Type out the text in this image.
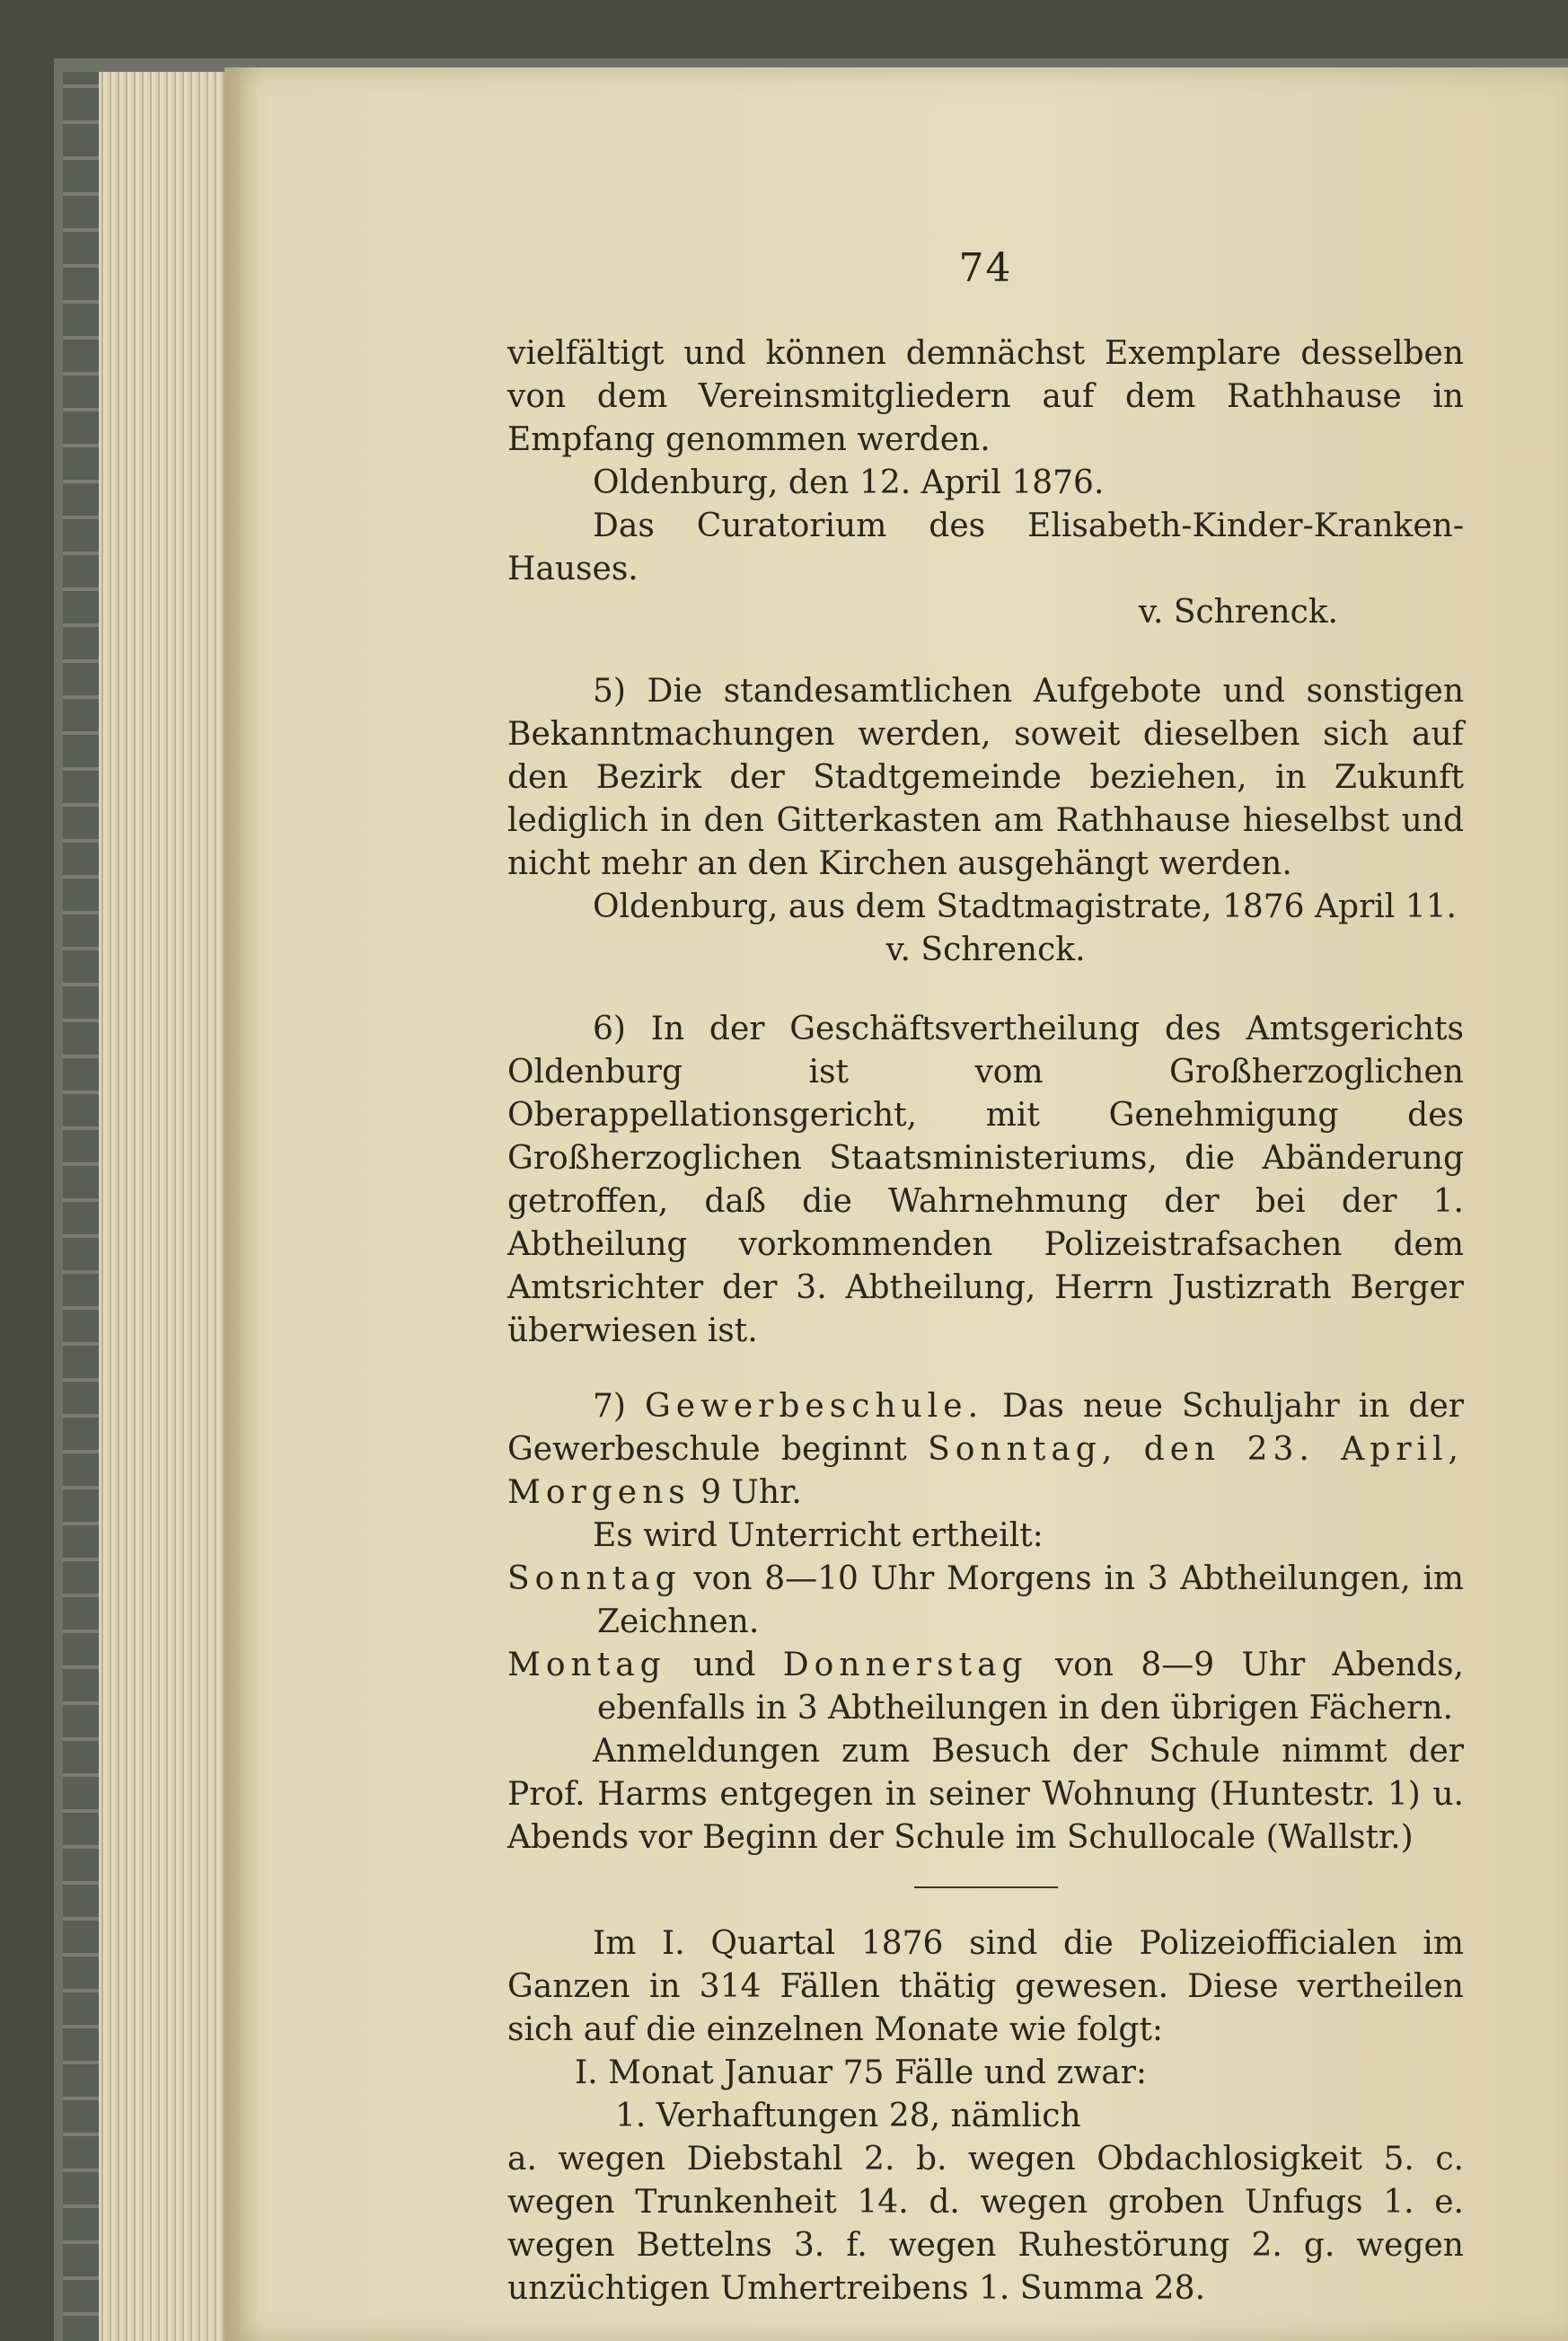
74

vielfältigt und können demnächst Exemplare desselben von dem Vereinsmitgliedern auf dem Rathhause in Empfang genommen werden.

Oldenburg, den 12. April 1876.

Das Curatorium des Elisabeth-Kinder-Kranken-Hauses.

v. Schrenck.

5) Die standesamtlichen Aufgebote und sonstigen Bekanntmachungen werden, soweit dieselben sich auf den Bezirk der Stadtgemeinde beziehen, in Zukunft lediglich in den Gitterkasten am Rathhause hieselbst und nicht mehr an den Kirchen ausgehängt werden.

Oldenburg, aus dem Stadtmagistrate, 1876 April 11.

v. Schrenck.

6) In der Geschäftsvertheilung des Amtsgerichts Oldenburg ist vom Großherzoglichen Oberappellationsgericht, mit Genehmigung des Großherzoglichen Staatsministeriums, die Abänderung getroffen, daß die Wahrnehmung der bei der 1. Abtheilung vorkommenden Polizeistrafsachen dem Amtsrichter der 3. Abtheilung, Herrn Justizrath Berger überwiesen ist.

7) Gewerbeschule. Das neue Schuljahr in der Gewerbeschule beginnt Sonntag, den 23. April, Morgens 9 Uhr.

Es wird Unterricht ertheilt:

Sonntag von 8—10 Uhr Morgens in 3 Abtheilungen, im Zeichnen.

Montag und Donnerstag von 8—9 Uhr Abends, ebenfalls in 3 Abtheilungen in den übrigen Fächern.

Anmeldungen zum Besuch der Schule nimmt der Prof. Harms entgegen in seiner Wohnung (Huntestr. 1) u. Abends vor Beginn der Schule im Schullocale (Wallstr.)

Im I. Quartal 1876 sind die Polizeiofficialen im Ganzen in 314 Fällen thätig gewesen. Diese vertheilen sich auf die einzelnen Monate wie folgt:

I. Monat Januar 75 Fälle und zwar:

1. Verhaftungen 28, nämlich

a. wegen Diebstahl 2. b. wegen Obdachlosigkeit 5. c. wegen Trunkenheit 14. d. wegen groben Unfugs 1. e. wegen Bettelns 3. f. wegen Ruhestörung 2. g. wegen unzüchtigen Umhertreibens 1. Summa 28.
